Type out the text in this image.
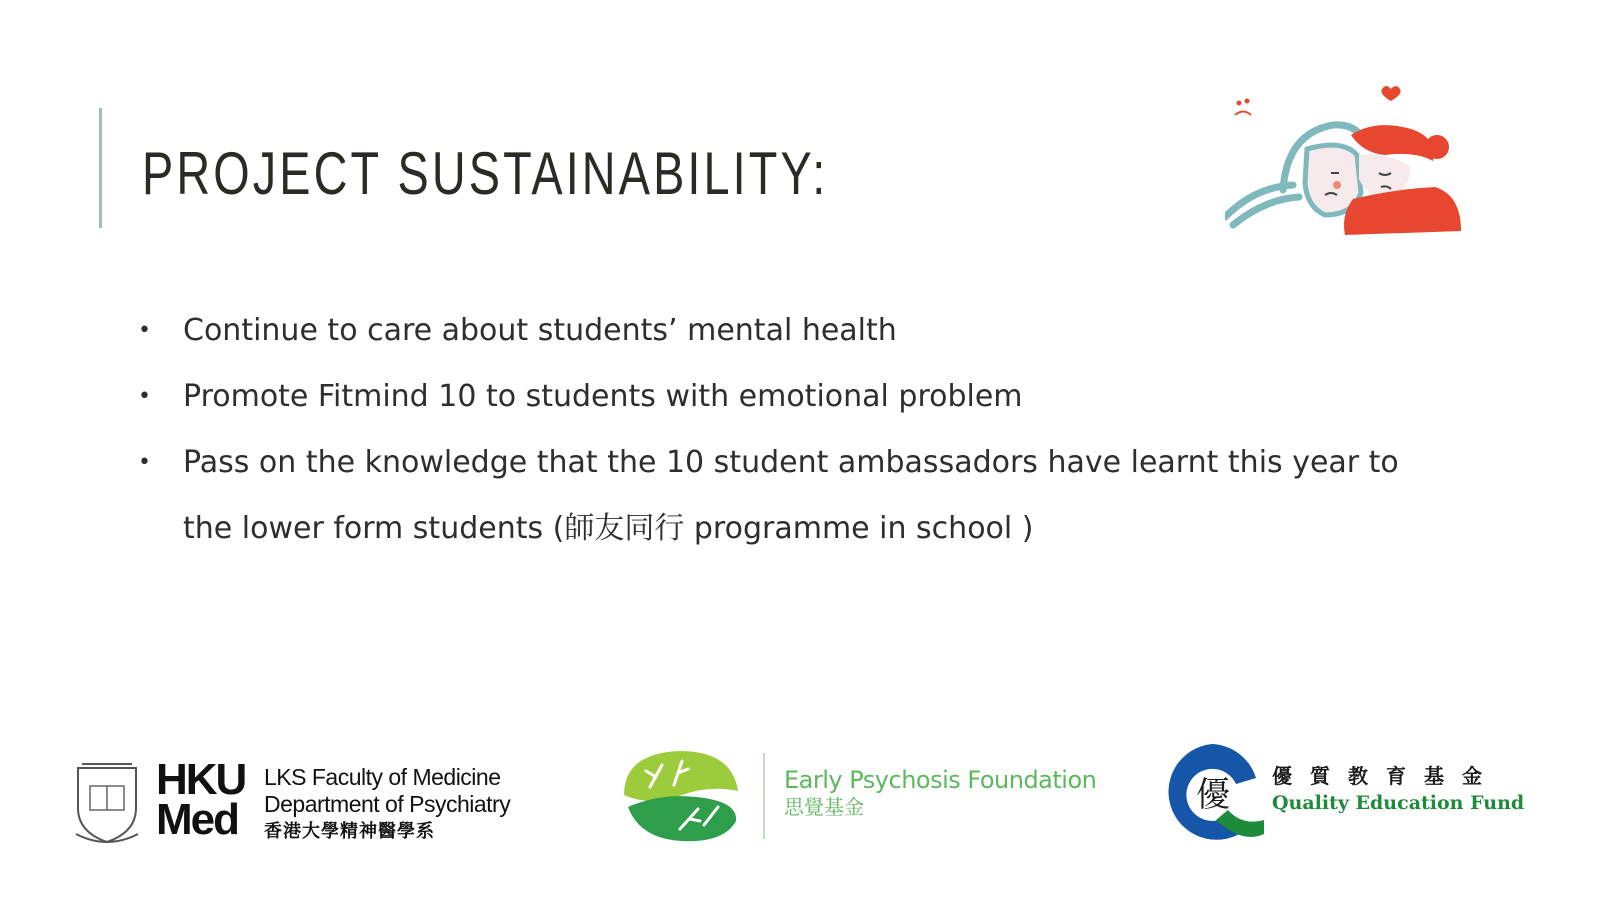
PROJECT SUSTAINABILITY:
• Continue to care about students’ mental health
• Promote Fitmind 10 to students with emotional problem
• Pass on the knowledge that the 10 student ambassadors have learnt this year to
the lower form students (師友同行 programme in school )
HKU
Med
LKS Faculty of Medicine
Department of Psychiatry
香港大學精神醫學系
Early Psychosis Foundation
思覺基金	優 優質教育基金
Quality Education Fund
